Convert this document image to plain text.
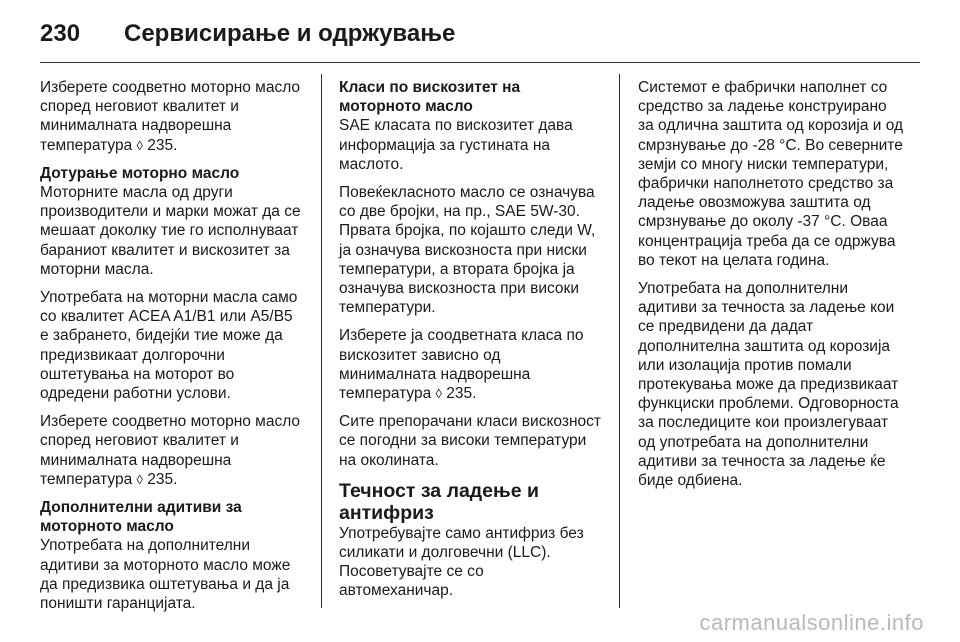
230	Сервисирање и одржување

Изберете соодветно моторно масло според неговиот квалитет и минималната надворешна температура ◊ 235.

Дотурање моторно масло

Моторните масла од други производители и марки можат да се мешаат доколку тие го исполнуваат бараниот квалитет и вискозитет за моторни масла.

Употребата на моторни масла само со квалитет ACEA A1/B1 или A5/B5 е забрането, бидејќи тие може да предизвикаат долгорочни оштетувања на моторот во одредени работни услови.

Изберете соодветно моторно масло според неговиот квалитет и минималната надворешна температура ◊ 235.

Дополнителни адитиви за моторното масло

Употребата на дополнителни адитиви за моторното масло може да предизвика оштетувања и да ја поништи гаранцијата.

Класи по вискозитет на моторното масло

SAE класата по вискозитет дава информација за густината на маслото.

Повеќекласното масло се означува со две бројки, на пр., SAE 5W-30. Првата бројка, по којашто следи W, ја означува вискозноста при ниски температури, а втората бројка ја означува вискозноста при високи температури.

Изберете ја соодветната класа по вискозитет зависно од минималната надворешна температура ◊ 235.

Сите препорачани класи вискозност се погодни за високи температури на околината.

Течност за ладење и антифриз

Употребувајте само антифриз без силикати и долговечни (LLC). Посоветувајте се со автомеханичар.

Системот е фабрички наполнет со средство за ладење конструирано за одлична заштита од корозија и од смрзнување до -28 °C. Во северните земји со многу ниски температури, фабрички наполнетото средство за ладење овозможува заштита од смрзнување до околу -37 °C. Оваа концентрација треба да се одржува во текот на целата година.

Употребата на дополнителни адитиви за течноста за ладење кои се предвидени да дадат дополнителна заштита од корозија или изолација против помали протекувања може да предизвикаат функциски проблеми. Одговорноста за последиците кои произлегуваат од употребата на дополнителни адитиви за течноста за ладење ќе биде одбиена.

carmanualsonline.info
